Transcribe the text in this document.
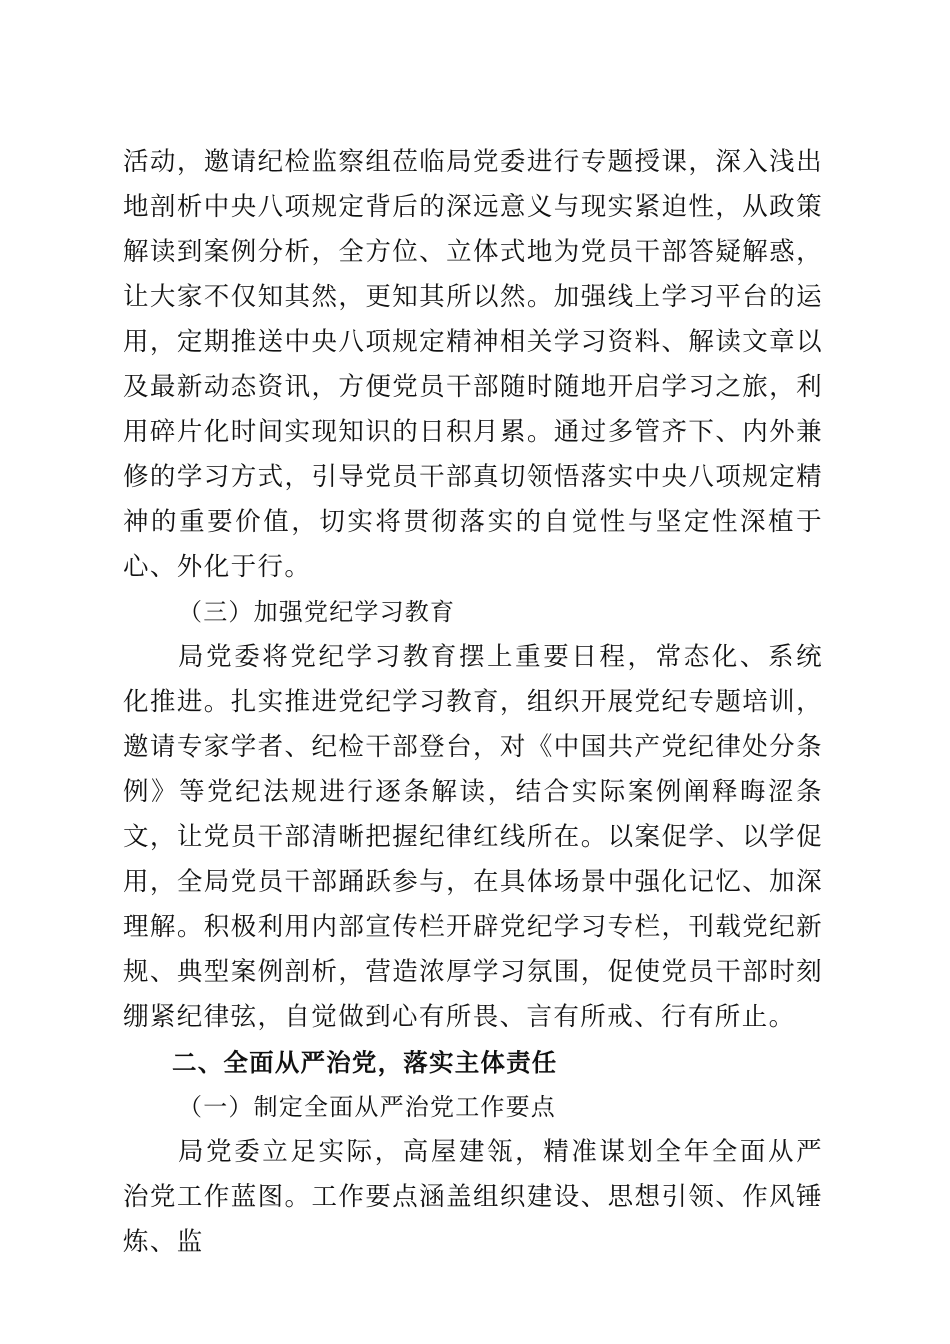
活动，邀请纪检监察组莅临局党委进行专题授课，深入浅出地剖析中央八项规定背后的深远意义与现实紧迫性，从政策解读到案例分析，全方位、立体式地为党员干部答疑解惑，让大家不仅知其然，更知其所以然。加强线上学习平台的运用，定期推送中央八项规定精神相关学习资料、解读文章以及最新动态资讯，方便党员干部随时随地开启学习之旅，利用碎片化时间实现知识的日积月累。通过多管齐下、内外兼修的学习方式，引导党员干部真切领悟落实中央八项规定精神的重要价值，切实将贯彻落实的自觉性与坚定性深植于心、外化于行。

（三）加强党纪学习教育

局党委将党纪学习教育摆上重要日程，常态化、系统化推进。扎实推进党纪学习教育，组织开展党纪专题培训，邀请专家学者、纪检干部登台，对《中国共产党纪律处分条例》等党纪法规进行逐条解读，结合实际案例阐释晦涩条文，让党员干部清晰把握纪律红线所在。以案促学、以学促用，全局党员干部踊跃参与，在具体场景中强化记忆、加深理解。积极利用内部宣传栏开辟党纪学习专栏，刊载党纪新规、典型案例剖析，营造浓厚学习氛围，促使党员干部时刻绷紧纪律弦，自觉做到心有所畏、言有所戒、行有所止。

二、全面从严治党，落实主体责任

（一）制定全面从严治党工作要点

局党委立足实际，高屋建瓴，精准谋划全年全面从严治党工作蓝图。工作要点涵盖组织建设、思想引领、作风锤炼、监
